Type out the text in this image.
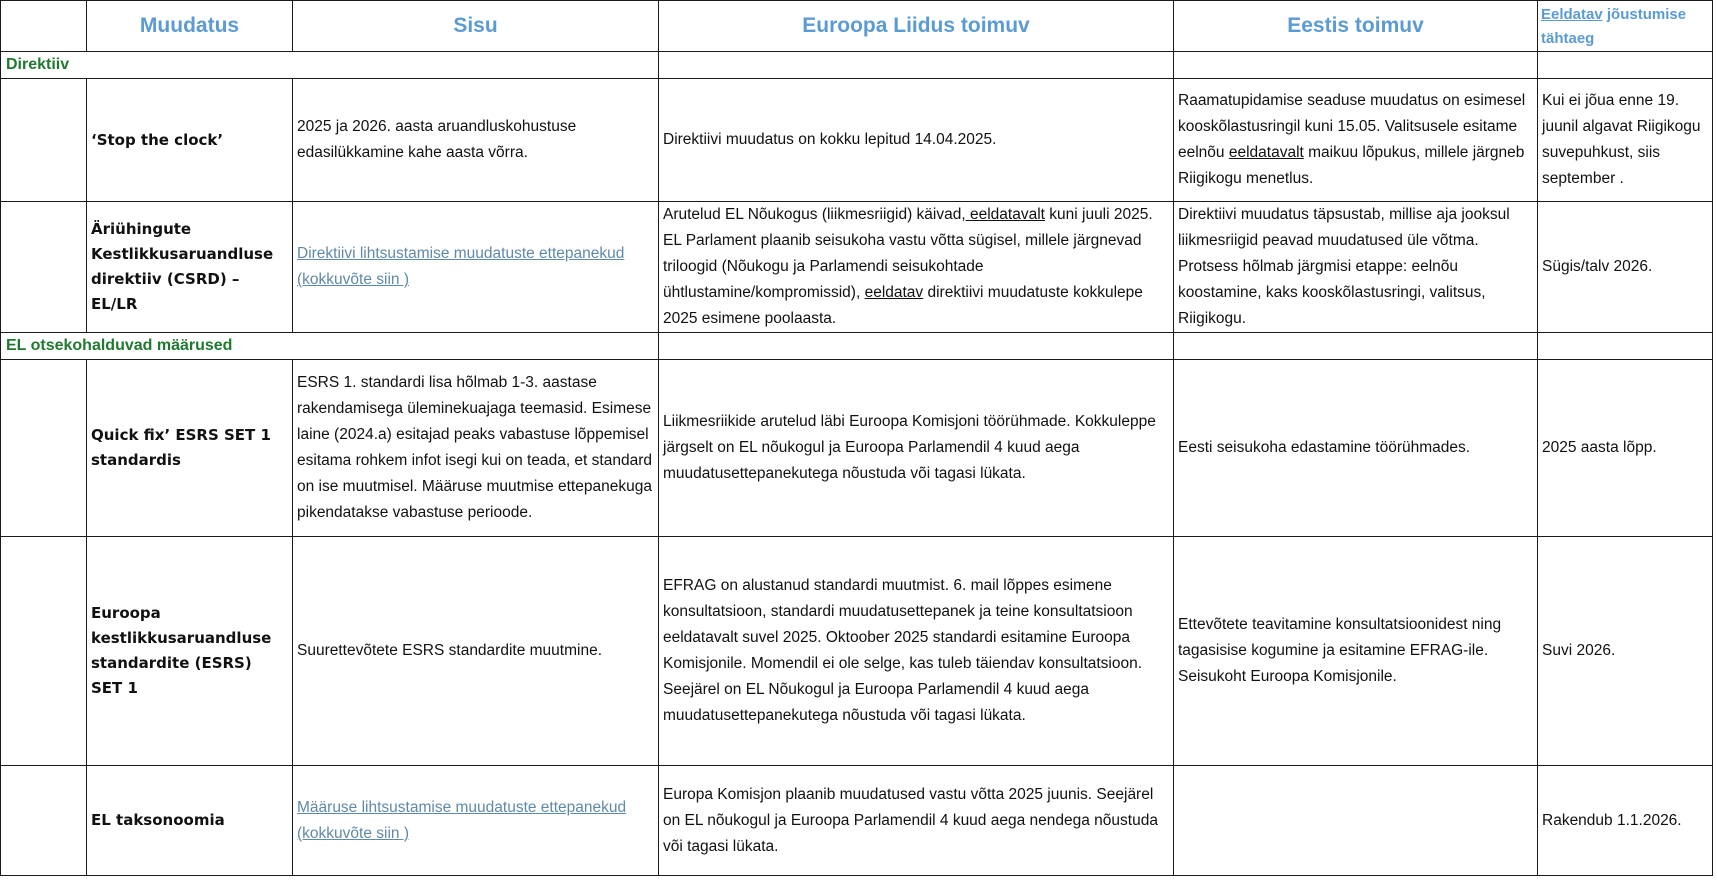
	Muudatus	Sisu	Euroopa Liidus toimuv	Eestis toimuv	Eeldatav jõustumise tähtaeg
Direktiiv					
	‘Stop the clock’	2025 ja 2026. aasta aruandluskohustuse edasilükkamine kahe aasta võrra.	Direktiivi muudatus on kokku lepitud 14.04.2025.	Raamatupidamise seaduse muudatus on esimesel kooskõlastusringil kuni 15.05. Valitsusele esitame eelnõu eeldatavalt maikuu lõpukus, millele järgneb Riigikogu menetlus.	Kui ei jõua enne 19. juunil algavat Riigikogu suvepuhkust, siis september .
	Äriühingute Kestlikkusaruandluse direktiiv (CSRD) – EL/LR	Direktiivi lihtsustamise muudatuste ettepanekud (kokkuvõte siin )	Arutelud EL Nõukogus (liikmesriigid) käivad, eeldatavalt kuni juuli 2025. EL Parlament plaanib seisukoha vastu võtta sügisel, millele järgnevad triloogid (Nõukogu ja Parlamendi seisukohtade ühtlustamine/kompromissid), eeldatav direktiivi muudatuste kokkulepe 2025 esimene poolaasta.	Direktiivi muudatus täpsustab, millise aja jooksul liikmesriigid peavad muudatused üle võtma. Protsess hõlmab järgmisi etappe: eelnõu koostamine, kaks kooskõlastusringi, valitsus, Riigikogu.	Sügis/talv 2026.
EL otsekohalduvad määrused					
	Quick fix’ ESRS SET 1 standardis	ESRS 1. standardi lisa hõlmab 1-3. aastase rakendamisega üleminekuajaga teemasid. Esimese laine (2024.a) esitajad peaks vabastuse lõppemisel esitama rohkem infot isegi kui on teada, et standard on ise muutmisel. Määruse muutmise ettepanekuga pikendatakse vabastuse perioode.	Liikmesriikide arutelud läbi Euroopa Komisjoni töörühmade. Kokkuleppe järgselt on EL nõukogul ja Euroopa Parlamendil 4 kuud aega muudatusettepanekutega nõustuda või tagasi lükata.	Eesti seisukoha edastamine töörühmades.	2025 aasta lõpp.
	Euroopa kestlikkusaruandluse standardite (ESRS) SET 1	Suurettevõtete ESRS standardite muutmine.	EFRAG on alustanud standardi muutmist. 6. mail lõppes esimene konsultatsioon, standardi muudatusettepanek ja teine konsultatsioon eeldatavalt suvel 2025. Oktoober 2025 standardi esitamine Euroopa Komisjonile. Momendil ei ole selge, kas tuleb täiendav konsultatsioon. Seejärel on EL Nõukogul ja Euroopa Parlamendil 4 kuud aega muudatusettepanekutega nõustuda või tagasi lükata.	Ettevõtete teavitamine konsultatsioonidest ning tagasisise kogumine ja esitamine EFRAG-ile. Seisukoht Euroopa Komisjonile.	Suvi 2026.
	EL taksonoomia	Määruse lihtsustamise muudatuste ettepanekud (kokkuvõte siin )	Europa Komisjon plaanib muudatused vastu võtta 2025 juunis. Seejärel on EL nõukogul ja Euroopa Parlamendil 4 kuud aega nendega nõustuda või tagasi lükata.		Rakendub 1.1.2026.
